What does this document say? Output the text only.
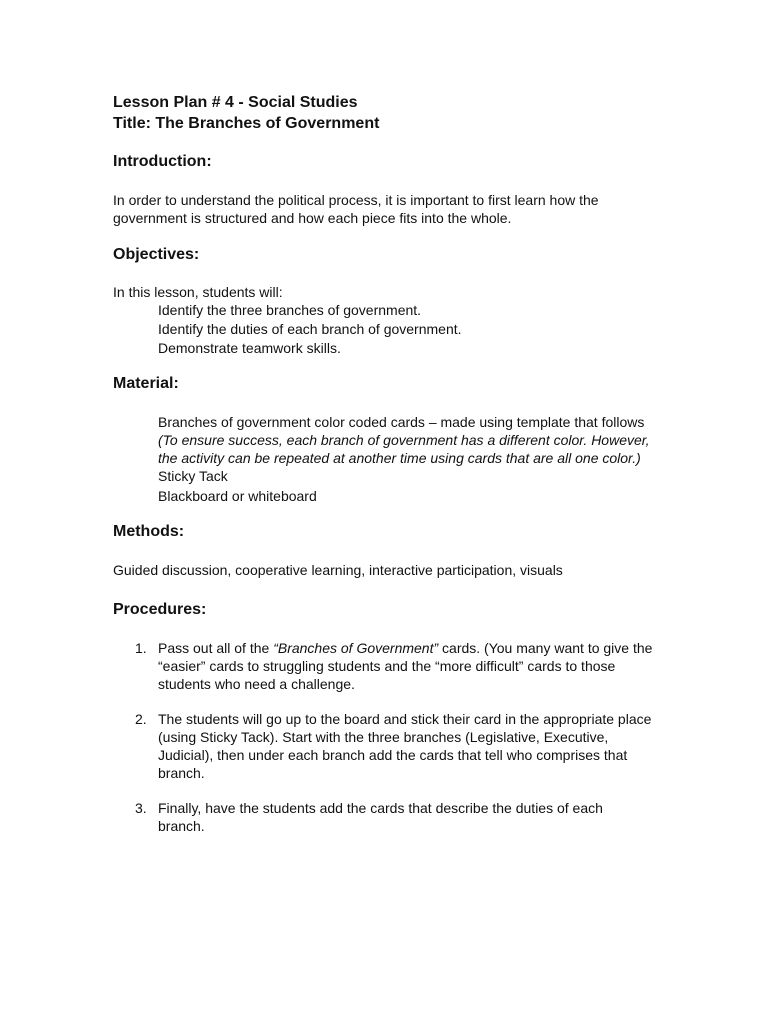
Lesson Plan # 4 - Social Studies

Title: The Branches of Government

Introduction:

In order to understand the political process, it is important to first learn how the government is structured and how each piece fits into the whole.

Objectives:

In this lesson, students will:

Identify the three branches of government.

Identify the duties of each branch of government.

Demonstrate teamwork skills.

Material:

Branches of government color coded cards – made using template that follows (To ensure success, each branch of government has a different color. However, the activity can be repeated at another time using cards that are all one color.)

Sticky Tack

Blackboard or whiteboard

Methods:

Guided discussion, cooperative learning, interactive participation, visuals

Procedures:

1. Pass out all of the “Branches of Government” cards. (You many want to give the “easier” cards to struggling students and the “more difficult” cards to those students who need a challenge.
2. The students will go up to the board and stick their card in the appropriate place (using Sticky Tack). Start with the three branches (Legislative, Executive, Judicial), then under each branch add the cards that tell who comprises that branch.
3. Finally, have the students add the cards that describe the duties of each branch.
